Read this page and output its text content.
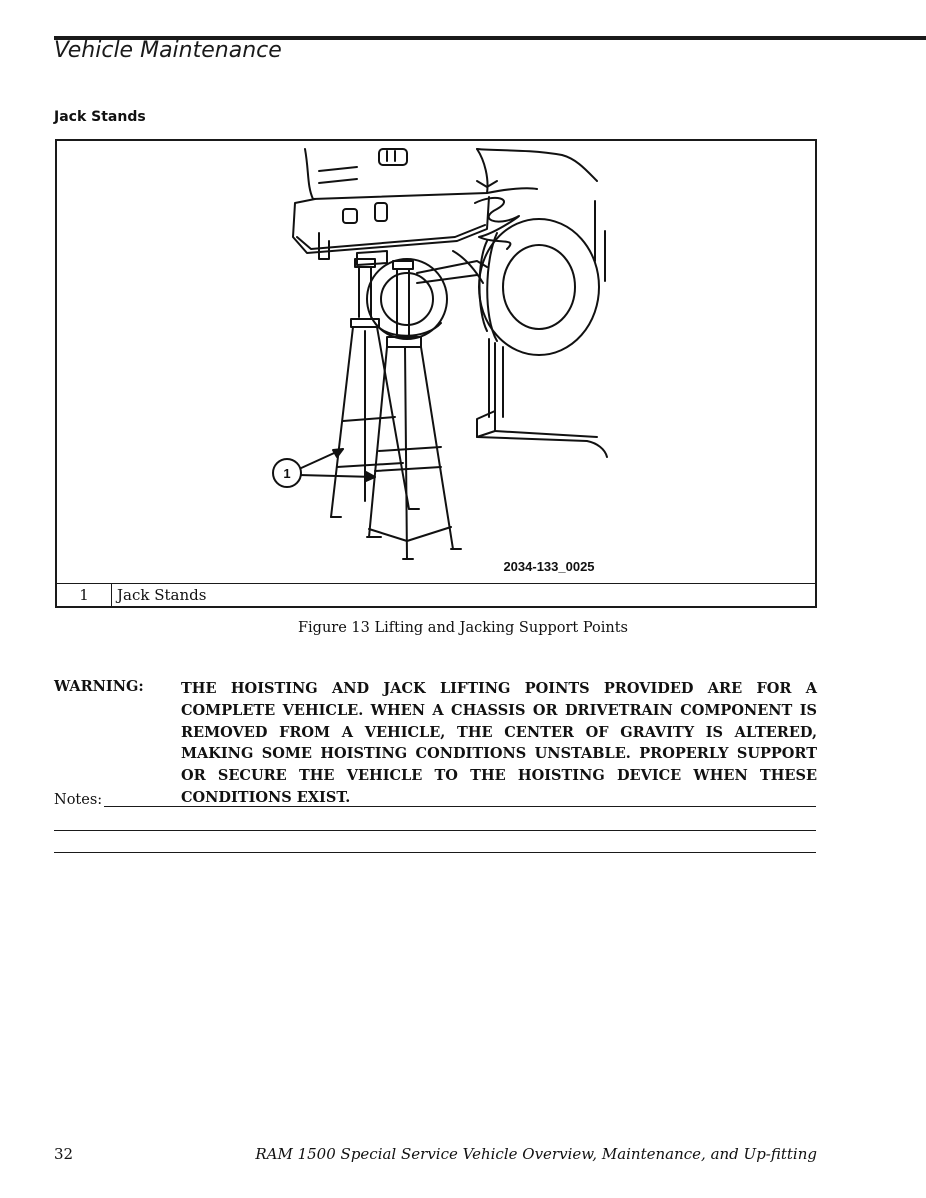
Vehicle Maintenance
Jack Stands
1
2034-133_0025
1	Jack Stands
Figure 13 Lifting and Jacking Support Points
WARNING:	THE HOISTING AND JACK LIFTING POINTS PROVIDED ARE FOR A COMPLETE VEHICLE. WHEN A CHASSIS OR DRIVETRAIN COMPONENT IS REMOVED FROM A VEHICLE, THE CENTER OF GRAVITY IS ALTERED, MAKING SOME HOISTING CONDITIONS UNSTABLE. PROPERLY SUPPORT OR SECURE THE VEHICLE TO THE HOISTING DEVICE WHEN THESE CONDITIONS EXIST.
Notes:
32	RAM 1500 Special Service Vehicle Overview, Maintenance, and Up-fitting
